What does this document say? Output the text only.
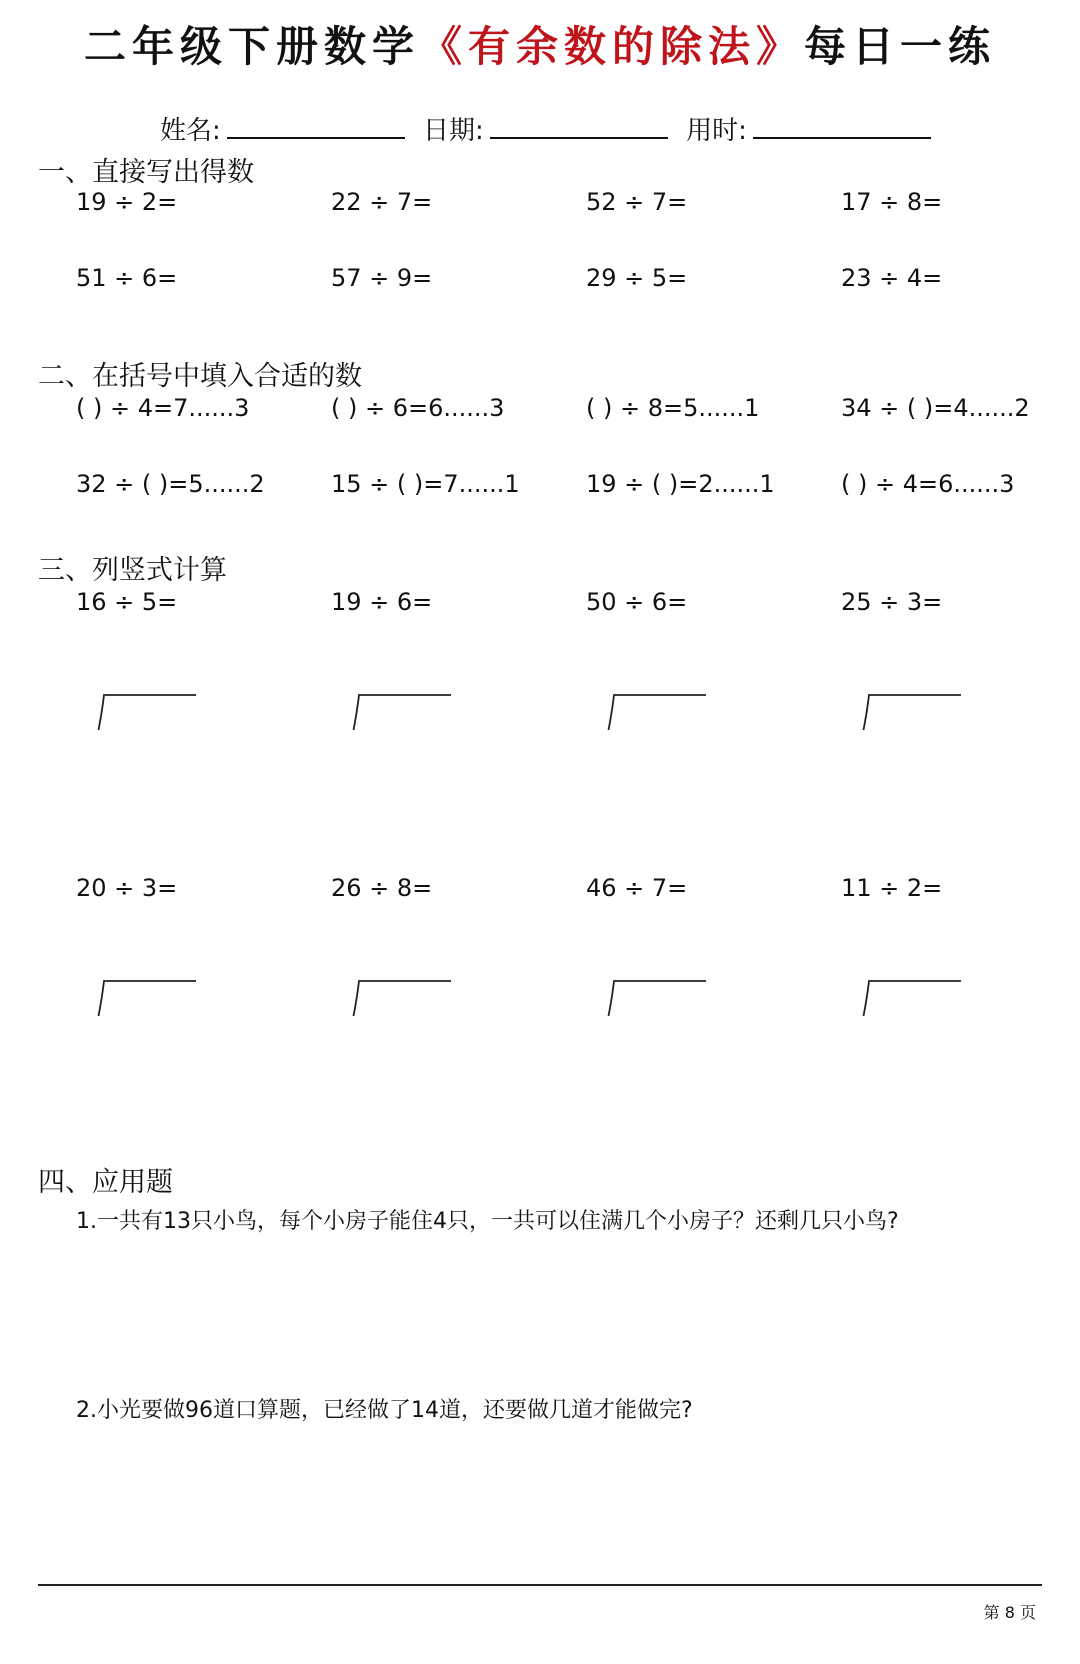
二年级下册数学《有余数的除法》每日一练
姓名:	日期:	用时:
一、直接写出得数
19 ÷ 2=	22 ÷ 7=	52 ÷ 7=	17 ÷ 8=
51 ÷ 6=	57 ÷ 9=	29 ÷ 5=	23 ÷ 4=
二、在括号中填入合适的数
( ) ÷ 4=7......3	( ) ÷ 6=6......3	( ) ÷ 8=5......1	34 ÷ ( )=4......2
32 ÷ ( )=5......2	15 ÷ ( )=7......1	19 ÷ ( )=2......1	( ) ÷ 4=6......3
三、列竖式计算
16 ÷ 5=	19 ÷ 6=	50 ÷ 6=	25 ÷ 3=
20 ÷ 3=	26 ÷ 8=	46 ÷ 7=	11 ÷ 2=
四、应用题
1.一共有13只小鸟，每个小房子能住4只，一共可以住满几个小房子？还剩几只小鸟?
2.小光要做96道口算题，已经做了14道，还要做几道才能做完?
第 8 页
